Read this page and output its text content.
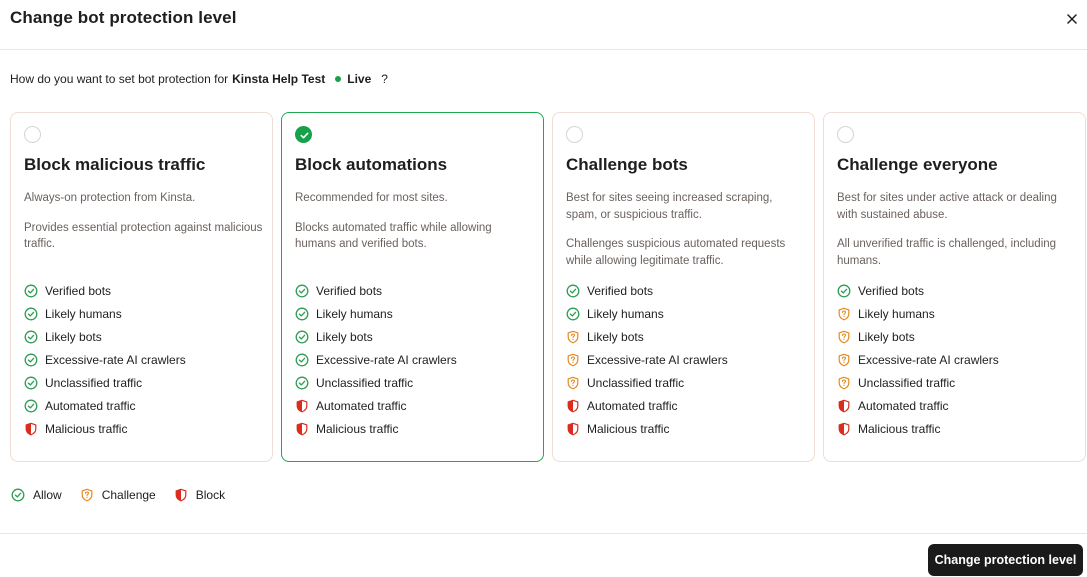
Change bot protection level
How do you want to set bot protection for Kinsta Help Test Live ?
Block malicious traffic

Always-on protection from Kinsta.

Provides essential protection against malicious traffic.

Verified bots
Likely humans
Likely bots
Excessive-rate AI crawlers
Unclassified traffic
Automated traffic
Malicious traffic
Block automations

Recommended for most sites.

Blocks automated traffic while allowing humans and verified bots.

Verified bots
Likely humans
Likely bots
Excessive-rate AI crawlers
Unclassified traffic
Automated traffic
Malicious traffic
Challenge bots

Best for sites seeing increased scraping, spam, or suspicious traffic.

Challenges suspicious automated requests while allowing legitimate traffic.

Verified bots
Likely humans
Likely bots
Excessive-rate AI crawlers
Unclassified traffic
Automated traffic
Malicious traffic
Challenge everyone

Best for sites under active attack or dealing with sustained abuse.

All unverified traffic is challenged, including humans.

Verified bots
Likely humans
Likely bots
Excessive-rate AI crawlers
Unclassified traffic
Automated traffic
Malicious traffic
Allow	Challenge	Block
Change protection level
